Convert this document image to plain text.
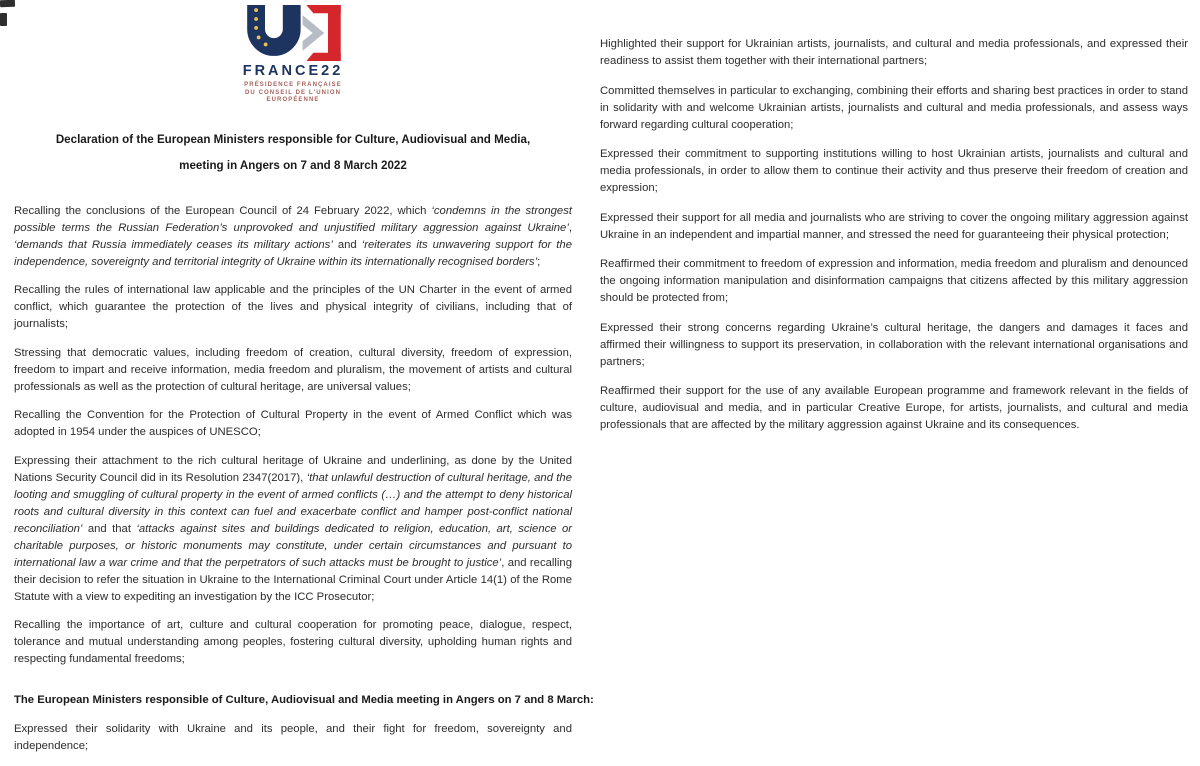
FRANCE22
PRÉSIDENCE FRANÇAISE
DU CONSEIL DE L'UNION
EUROPÉENNE
Declaration of the European Ministers responsible for Culture, Audiovisual and Media,
meeting in Angers on 7 and 8 March 2022

Recalling the conclusions of the European Council of 24 February 2022, which ‘condemns in the strongest possible terms the Russian Federation’s unprovoked and unjustified military aggression against Ukraine’, ‘demands that Russia immediately ceases its military actions’ and ‘reiterates its unwavering support for the independence, sovereignty and territorial integrity of Ukraine within its internationally recognised borders’;

Recalling the rules of international law applicable and the principles of the UN Charter in the event of armed conflict, which guarantee the protection of the lives and physical integrity of civilians, including that of journalists;

Stressing that democratic values, including freedom of creation, cultural diversity, freedom of expression, freedom to impart and receive information, media freedom and pluralism, the movement of artists and cultural professionals as well as the protection of cultural heritage, are universal values;

Recalling the Convention for the Protection of Cultural Property in the event of Armed Conflict which was adopted in 1954 under the auspices of UNESCO;

Expressing their attachment to the rich cultural heritage of Ukraine and underlining, as done by the United Nations Security Council did in its Resolution 2347(2017), ‘that unlawful destruction of cultural heritage, and the looting and smuggling of cultural property in the event of armed conflicts (…) and the attempt to deny historical roots and cultural diversity in this context can fuel and exacerbate conflict and hamper post-conflict national reconciliation’ and that ‘attacks against sites and buildings dedicated to religion, education, art, science or charitable purposes, or historic monuments may constitute, under certain circumstances and pursuant to international law a war crime and that the perpetrators of such attacks must be brought to justice’, and recalling their decision to refer the situation in Ukraine to the International Criminal Court under Article 14(1) of the Rome Statute with a view to expediting an investigation by the ICC Prosecutor;

Recalling the importance of art, culture and cultural cooperation for promoting peace, dialogue, respect, tolerance and mutual understanding among peoples, fostering cultural diversity, upholding human rights and respecting fundamental freedoms;

The European Ministers responsible of Culture, Audiovisual and Media meeting in Angers on 7 and 8 March:

Expressed their solidarity with Ukraine and its people, and their fight for freedom, sovereignty and independence;

Highlighted their support for Ukrainian artists, journalists, and cultural and media professionals, and expressed their readiness to assist them together with their international partners;

Committed themselves in particular to exchanging, combining their efforts and sharing best practices in order to stand in solidarity with and welcome Ukrainian artists, journalists and cultural and media professionals, and assess ways forward regarding cultural cooperation;

Expressed their commitment to supporting institutions willing to host Ukrainian artists, journalists and cultural and media professionals, in order to allow them to continue their activity and thus preserve their freedom of creation and expression;

Expressed their support for all media and journalists who are striving to cover the ongoing military aggression against Ukraine in an independent and impartial manner, and stressed the need for guaranteeing their physical protection;

Reaffirmed their commitment to freedom of expression and information, media freedom and pluralism and denounced the ongoing information manipulation and disinformation campaigns that citizens affected by this military aggression should be protected from;

Expressed their strong concerns regarding Ukraine’s cultural heritage, the dangers and damages it faces and affirmed their willingness to support its preservation, in collaboration with the relevant international organisations and partners;

Reaffirmed their support for the use of any available European programme and framework relevant in the fields of culture, audiovisual and media, and in particular Creative Europe, for artists, journalists, and cultural and media professionals that are affected by the military aggression against Ukraine and its consequences.
